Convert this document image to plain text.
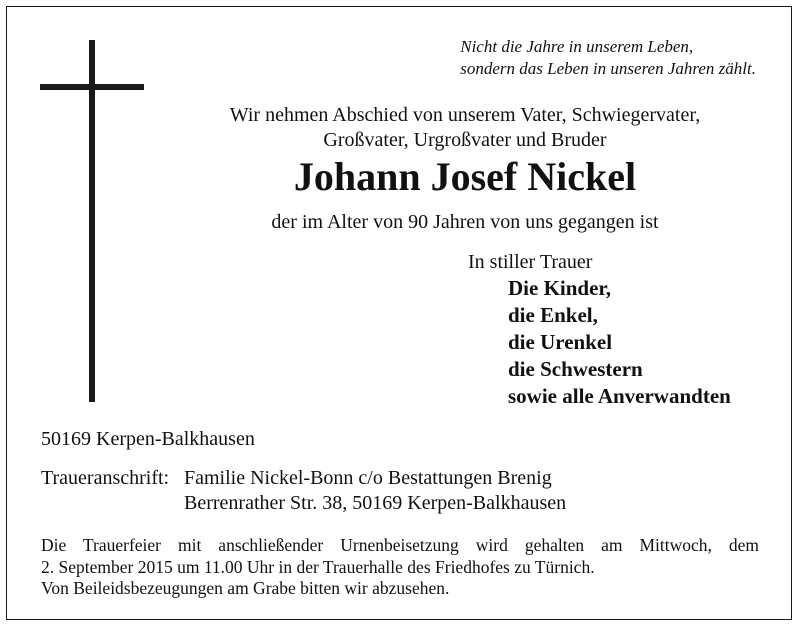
Nicht die Jahre in unserem Leben,
sondern das Leben in unseren Jahren zählt.
Wir nehmen Abschied von unserem Vater, Schwiegervater,
Großvater, Urgroßvater und Bruder
Johann Josef Nickel
der im Alter von 90 Jahren von uns gegangen ist
In stiller Trauer
Die Kinder,
die Enkel,
die Urenkel
die Schwestern
sowie alle Anverwandten
50169 Kerpen-Balkhausen
Traueranschrift: Familie Nickel-Bonn c/o Bestattungen Brenig
Berrenrather Str. 38, 50169 Kerpen-Balkhausen
Die Trauerfeier mit anschließender Urnenbeisetzung wird gehalten am Mittwoch, dem
2. September 2015 um 11.00 Uhr in der Trauerhalle des Friedhofes zu Türnich.
Von Beileidsbezeugungen am Grabe bitten wir abzusehen.
